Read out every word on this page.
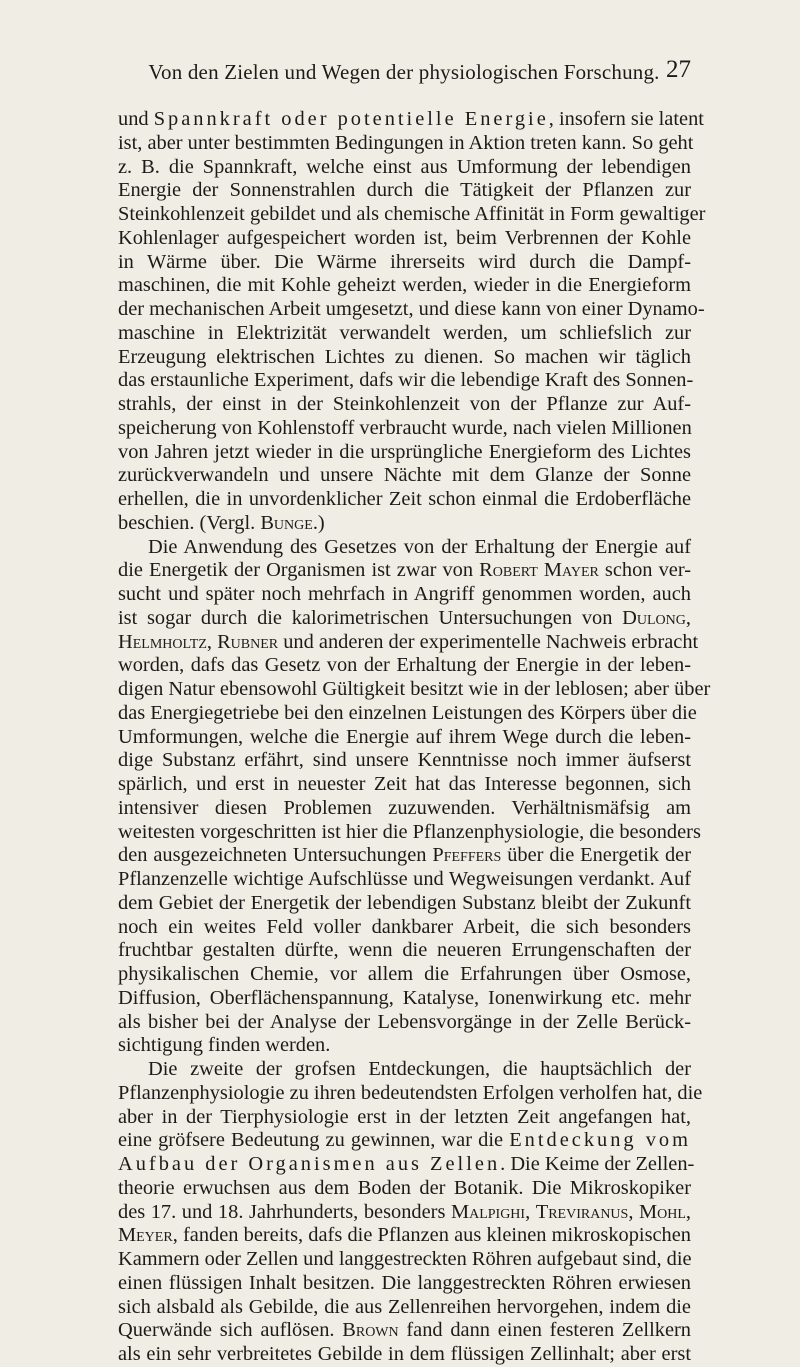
Von den Zielen und Wegen der physiologischen Forschung. 27
und Spannkraft oder potentielle Energie, insofern sie latent
ist, aber unter bestimmten Bedingungen in Aktion treten kann. So geht
z. B. die Spannkraft, welche einst aus Umformung der lebendigen
Energie der Sonnenstrahlen durch die Tätigkeit der Pflanzen zur
Steinkohlenzeit gebildet und als chemische Affinität in Form gewaltiger
Kohlenlager aufgespeichert worden ist, beim Verbrennen der Kohle
in Wärme über. Die Wärme ihrerseits wird durch die Dampf-
maschinen, die mit Kohle geheizt werden, wieder in die Energieform
der mechanischen Arbeit umgesetzt, und diese kann von einer Dynamo-
maschine in Elektrizität verwandelt werden, um schliefslich zur
Erzeugung elektrischen Lichtes zu dienen. So machen wir täglich
das erstaunliche Experiment, dafs wir die lebendige Kraft des Sonnen-
strahls, der einst in der Steinkohlenzeit von der Pflanze zur Auf-
speicherung von Kohlenstoff verbraucht wurde, nach vielen Millionen
von Jahren jetzt wieder in die ursprüngliche Energieform des Lichtes
zurückverwandeln und unsere Nächte mit dem Glanze der Sonne
erhellen, die in unvordenklicher Zeit schon einmal die Erdoberfläche
beschien. (Vergl. Bunge.)
Die Anwendung des Gesetzes von der Erhaltung der Energie auf
die Energetik der Organismen ist zwar von Robert Mayer schon ver-
sucht und später noch mehrfach in Angriff genommen worden, auch
ist sogar durch die kalorimetrischen Untersuchungen von Dulong,
Helmholtz, Rubner und anderen der experimentelle Nachweis erbracht
worden, dafs das Gesetz von der Erhaltung der Energie in der leben-
digen Natur ebensowohl Gültigkeit besitzt wie in der leblosen; aber über
das Energiegetriebe bei den einzelnen Leistungen des Körpers über die
Umformungen, welche die Energie auf ihrem Wege durch die leben-
dige Substanz erfährt, sind unsere Kenntnisse noch immer äufserst
spärlich, und erst in neuester Zeit hat das Interesse begonnen, sich
intensiver diesen Problemen zuzuwenden. Verhältnismäfsig am
weitesten vorgeschritten ist hier die Pflanzenphysiologie, die besonders
den ausgezeichneten Untersuchungen Pfeffers über die Energetik der
Pflanzenzelle wichtige Aufschlüsse und Wegweisungen verdankt. Auf
dem Gebiet der Energetik der lebendigen Substanz bleibt der Zukunft
noch ein weites Feld voller dankbarer Arbeit, die sich besonders
fruchtbar gestalten dürfte, wenn die neueren Errungenschaften der
physikalischen Chemie, vor allem die Erfahrungen über Osmose,
Diffusion, Oberflächenspannung, Katalyse, Ionenwirkung etc. mehr
als bisher bei der Analyse der Lebensvorgänge in der Zelle Berück-
sichtigung finden werden.
Die zweite der grofsen Entdeckungen, die hauptsächlich der
Pflanzenphysiologie zu ihren bedeutendsten Erfolgen verholfen hat, die
aber in der Tierphysiologie erst in der letzten Zeit angefangen hat,
eine gröfsere Bedeutung zu gewinnen, war die Entdeckung vom
Aufbau der Organismen aus Zellen. Die Keime der Zellen-
theorie erwuchsen aus dem Boden der Botanik. Die Mikroskopiker
des 17. und 18. Jahrhunderts, besonders Malpighi, Treviranus, Mohl,
Meyer, fanden bereits, dafs die Pflanzen aus kleinen mikroskopischen
Kammern oder Zellen und langgestreckten Röhren aufgebaut sind, die
einen flüssigen Inhalt besitzen. Die langgestreckten Röhren erwiesen
sich alsbald als Gebilde, die aus Zellenreihen hervorgehen, indem die
Querwände sich auflösen. Brown fand dann einen festeren Zellkern
als ein sehr verbreitetes Gebilde in dem flüssigen Zellinhalt; aber erst
